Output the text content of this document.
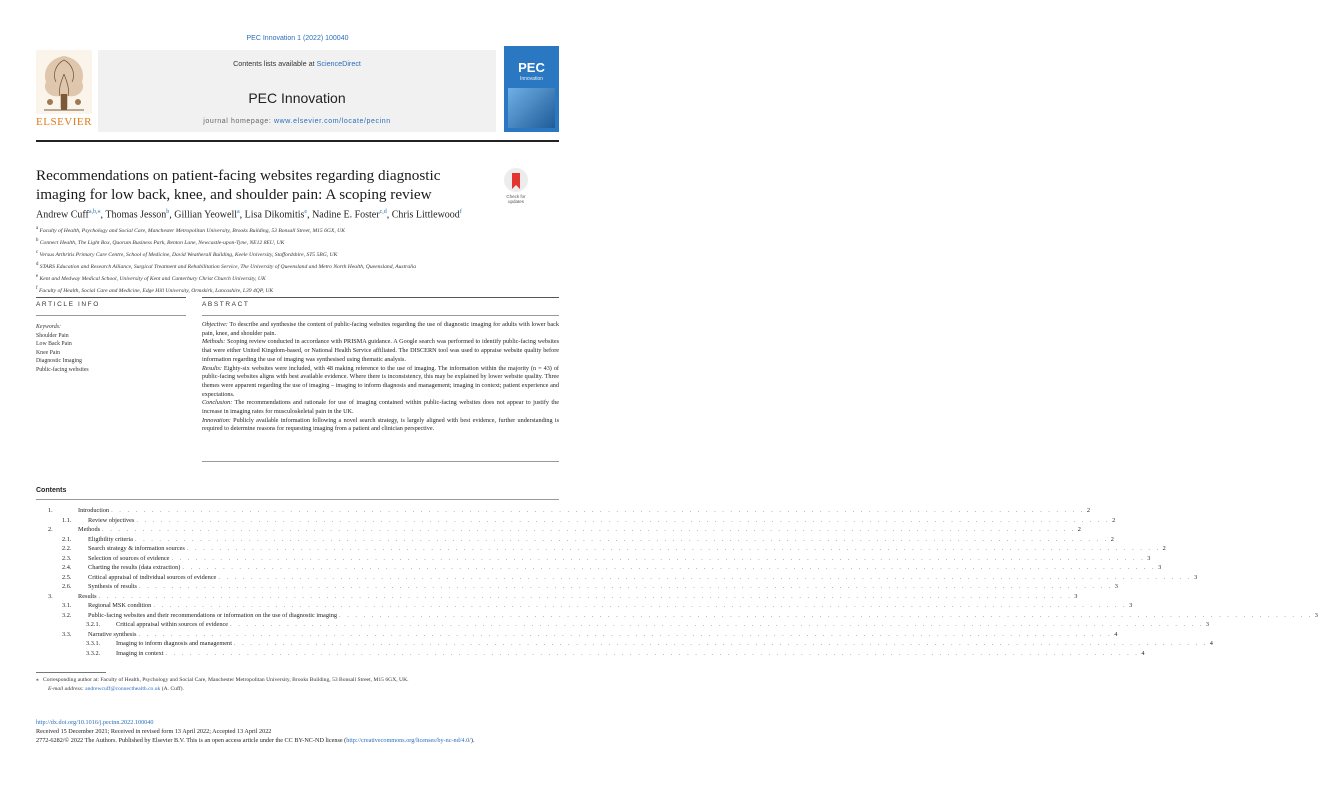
PEC Innovation 1 (2022) 100040
ELSEVIER
Contents lists available at ScienceDirect
PEC Innovation
journal homepage: www.elsevier.com/locate/pecinn
PEC
Innovation
Recommendations on patient-facing websites regarding diagnostic imaging for low back, knee, and shoulder pain: A scoping review	Check for updates
Andrew Cuff$^{a,b,⁎}$, Thomas Jesson$^b$, Gillian Yeowell$^a$, Lisa Dikomitis$^e$, Nadine E. Foster$^{c,d}$, Chris Littlewood$^f$
$^a$ Faculty of Health, Psychology and Social Care, Manchester Metropolitan University, Brooks Building, 53 Bonsall Street, M15 6GX, UK
$^b$ Connect Health, The Light Box, Quorum Business Park, Benton Lane, Newcastle-upon-Tyne, NE12 8EU, UK
$^c$ Versus Arthritis Primary Care Centre, School of Medicine, David Weatherall Building, Keele University, Staffordshire, ST5 5BG, UK
$^d$ STARS Education and Research Alliance, Surgical Treatment and Rehabilitation Service, The University of Queensland and Metro North Health, Queensland, Australia
$^e$ Kent and Medway Medical School, University of Kent and Canterbury Christ Church University, UK
$^f$ Faculty of Health, Social Care and Medicine, Edge Hill University, Ormskirk, Lancashire, L39 4QP, UK
ARTICLE INFO	ABSTRACT
Keywords:
Shoulder Pain
Low Back Pain
Knee Pain
Diagnostic Imaging
Public-facing websites

Objective: To describe and synthesise the content of public-facing websites regarding the use of diagnostic imaging for adults with lower back pain, knee, and shoulder pain.

Methods: Scoping review conducted in accordance with PRISMA guidance. A Google search was performed to identify public-facing websites that were either United Kingdom-based, or National Health Service affiliated. The DISCERN tool was used to appraise website quality before information regarding the use of imaging was synthesised using thematic analysis.

Results: Eighty-six websites were included, with 48 making reference to the use of imaging. The information within the majority (n = 43) of public-facing websites aligns with best available evidence. Where there is inconsistency, this may be explained by lower website quality. Three themes were apparent regarding the use of imaging – imaging to inform diagnosis and management; imaging in context; patient experience and expectations.

Conclusion: The recommendations and rationale for use of imaging contained within public-facing websites does not appear to justify the increase in imaging rates for musculoskeletal pain in the UK.

Innovation: Publicly available information following a novel search strategy, is largely aligned with best evidence, further understanding is required to determine reasons for requesting imaging from a patient and clinician perspective.

Contents
1.	Introduction . . . . . . . . . . . . . . . . . . . . . . . . . . . . . . . . . . . . . . . . . . . . . . . . . . . . . . . . . . . . . . . . . . . . . . . . . . . . . . . . . . . . . . . . . . . . . . . . . . . . . . . . . . . . . . . . . . . . . . . . 2
1.1.	Review objectives . . . . . . . . . . . . . . . . . . . . . . . . . . . . . . . . . . . . . . . . . . . . . . . . . . . . . . . . . . . . . . . . . . . . . . . . . . . . . . . . . . . . . . . . . . . . . . . . . . . . . . . . . . . . . . . . . . . . . . . . 2
2.	Methods . . . . . . . . . . . . . . . . . . . . . . . . . . . . . . . . . . . . . . . . . . . . . . . . . . . . . . . . . . . . . . . . . . . . . . . . . . . . . . . . . . . . . . . . . . . . . . . . . . . . . . . . . . . . . . . . . . . . . . . . 2
2.1.	Eligibility criteria . . . . . . . . . . . . . . . . . . . . . . . . . . . . . . . . . . . . . . . . . . . . . . . . . . . . . . . . . . . . . . . . . . . . . . . . . . . . . . . . . . . . . . . . . . . . . . . . . . . . . . . . . . . . . . . . . . . . . . . . 2
2.2.	Search strategy & information sources . . . . . . . . . . . . . . . . . . . . . . . . . . . . . . . . . . . . . . . . . . . . . . . . . . . . . . . . . . . . . . . . . . . . . . . . . . . . . . . . . . . . . . . . . . . . . . . . . . . . . . . . . . . . . . . . . . . . . . . . 2
2.3.	Selection of sources of evidence . . . . . . . . . . . . . . . . . . . . . . . . . . . . . . . . . . . . . . . . . . . . . . . . . . . . . . . . . . . . . . . . . . . . . . . . . . . . . . . . . . . . . . . . . . . . . . . . . . . . . . . . . . . . . . . . . . . . . . . . 3
2.4.	Charting the results (data extraction) . . . . . . . . . . . . . . . . . . . . . . . . . . . . . . . . . . . . . . . . . . . . . . . . . . . . . . . . . . . . . . . . . . . . . . . . . . . . . . . . . . . . . . . . . . . . . . . . . . . . . . . . . . . . . . . . . . . . . . . . 3
2.5.	Critical appraisal of individual sources of evidence . . . . . . . . . . . . . . . . . . . . . . . . . . . . . . . . . . . . . . . . . . . . . . . . . . . . . . . . . . . . . . . . . . . . . . . . . . . . . . . . . . . . . . . . . . . . . . . . . . . . . . . . . . . . . . . . . . . . . . . . 3
2.6.	Synthesis of results . . . . . . . . . . . . . . . . . . . . . . . . . . . . . . . . . . . . . . . . . . . . . . . . . . . . . . . . . . . . . . . . . . . . . . . . . . . . . . . . . . . . . . . . . . . . . . . . . . . . . . . . . . . . . . . . . . . . . . . . 3
3.	Results . . . . . . . . . . . . . . . . . . . . . . . . . . . . . . . . . . . . . . . . . . . . . . . . . . . . . . . . . . . . . . . . . . . . . . . . . . . . . . . . . . . . . . . . . . . . . . . . . . . . . . . . . . . . . . . . . . . . . . . . 3
3.1.	Regional MSK condition . . . . . . . . . . . . . . . . . . . . . . . . . . . . . . . . . . . . . . . . . . . . . . . . . . . . . . . . . . . . . . . . . . . . . . . . . . . . . . . . . . . . . . . . . . . . . . . . . . . . . . . . . . . . . . . . . . . . . . . . 3
3.2.	Public-facing websites and their recommendations or information on the use of diagnostic imaging . . . . . . . . . . . . . . . . . . . . . . . . . . . . . . . . . . . . . . . . . . . . . . . . . . . . . . . . . . . . . . . . . . . . . . . . . . . . . . . . . . . . . . . . . . . . . . . . . . . . . . . . . . . . . . . . . . . . . . . . 3
3.2.1.	Critical appraisal within sources of evidence . . . . . . . . . . . . . . . . . . . . . . . . . . . . . . . . . . . . . . . . . . . . . . . . . . . . . . . . . . . . . . . . . . . . . . . . . . . . . . . . . . . . . . . . . . . . . . . . . . . . . . . . . . . . . . . . . . . . . . . . 3
3.3.	Narrative synthesis . . . . . . . . . . . . . . . . . . . . . . . . . . . . . . . . . . . . . . . . . . . . . . . . . . . . . . . . . . . . . . . . . . . . . . . . . . . . . . . . . . . . . . . . . . . . . . . . . . . . . . . . . . . . . . . . . . . . . . . . 4
3.3.1.	Imaging to inform diagnosis and management . . . . . . . . . . . . . . . . . . . . . . . . . . . . . . . . . . . . . . . . . . . . . . . . . . . . . . . . . . . . . . . . . . . . . . . . . . . . . . . . . . . . . . . . . . . . . . . . . . . . . . . . . . . . . . . . . . . . . . . . 4
3.3.2.	Imaging in context . . . . . . . . . . . . . . . . . . . . . . . . . . . . . . . . . . . . . . . . . . . . . . . . . . . . . . . . . . . . . . . . . . . . . . . . . . . . . . . . . . . . . . . . . . . . . . . . . . . . . . . . . . . . . . . . . . . . . . . . 4
⁎ Corresponding author at: Faculty of Health, Psychology and Social Care, Manchester Metropolitan University, Brooks Building, 53 Bonsall Street, M15 6GX, UK.
E-mail address: andrewcuff@connecthealth.co.uk (A. Cuff).
http://dx.doi.org/10.1016/j.pecinn.2022.100040
Received 15 December 2021; Received in revised form 13 April 2022; Accepted 13 April 2022
2772-6282/© 2022 The Authors. Published by Elsevier B.V. This is an open access article under the CC BY-NC-ND license (http://creativecommons.org/licenses/by-nc-nd/4.0/).
